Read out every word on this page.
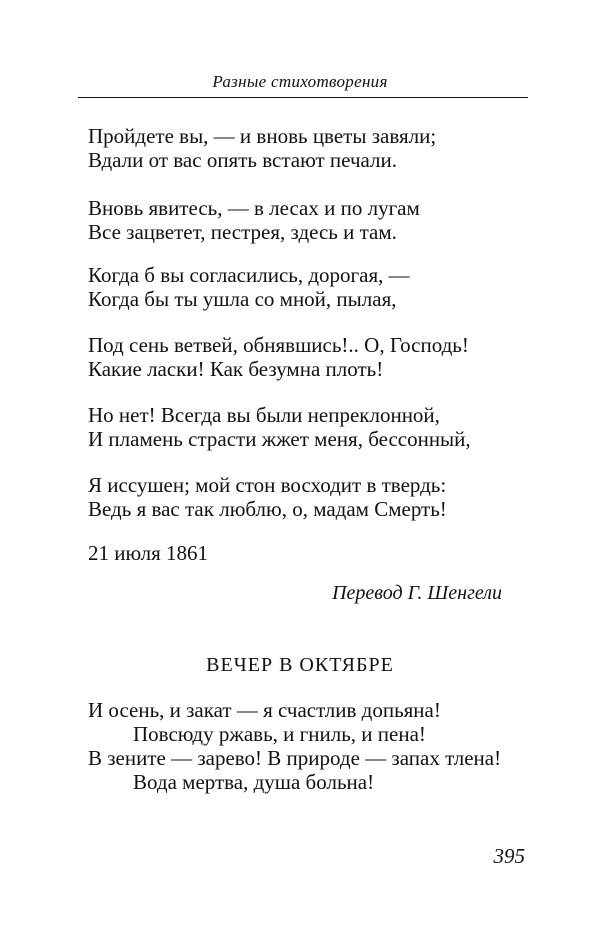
Разные стихотворения
Пройдете вы, — и вновь цветы завяли;
Вдали от вас опять встают печали.
Вновь явитесь, — в лесах и по лугам
Все зацветет, пестрея, здесь и там.
Когда б вы согласились, дорогая, —
Когда бы ты ушла со мной, пылая,
Под сень ветвей, обнявшись!.. О, Господь!
Какие ласки! Как безумна плоть!
Но нет! Всегда вы были непреклонной,
И пламень страсти жжет меня, бессонный,
Я иссушен; мой стон восходит в твердь:
Ведь я вас так люблю, о, мадам Смерть!
21 июля 1861
Перевод Г. Шенгели
ВЕЧЕР В ОКТЯБРЕ
И осень, и закат — я счастлив допьяна!
Повсюду ржавь, и гниль, и пена!
В зените — зарево! В природе — запах тлена!
Вода мертва, душа больна!
395
